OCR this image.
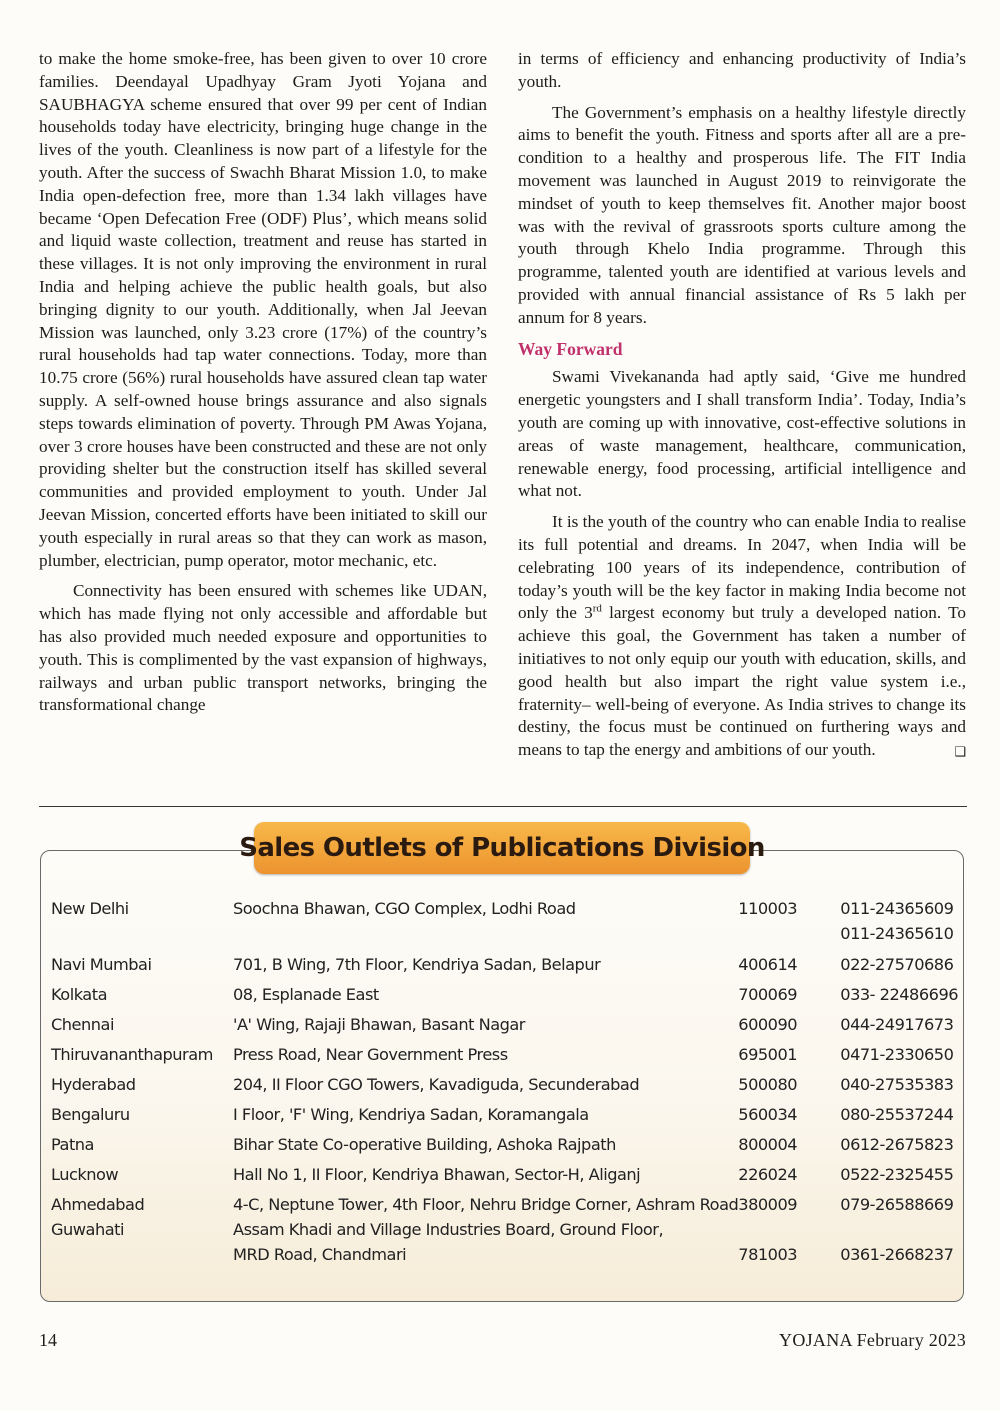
to make the home smoke-free, has been given to over 10 crore families. Deendayal Upadhyay Gram Jyoti Yojana and SAUBHAGYA scheme ensured that over 99 per cent of Indian households today have electricity, bringing huge change in the lives of the youth. Cleanliness is now part of a lifestyle for the youth. After the success of Swachh Bharat Mission 1.0, to make India open-defection free, more than 1.34 lakh villages have became ‘Open Defecation Free (ODF) Plus’, which means solid and liquid waste collection, treatment and reuse has started in these villages. It is not only improving the environment in rural India and helping achieve the public health goals, but also bringing dignity to our youth. Additionally, when Jal Jeevan Mission was launched, only 3.23 crore (17%) of the country’s rural households had tap water connections. Today, more than 10.75 crore (56%) rural households have assured clean tap water supply. A self-owned house brings assurance and also signals steps towards elimination of poverty. Through PM Awas Yojana, over 3 crore houses have been constructed and these are not only providing shelter but the construction itself has skilled several communities and provided employment to youth. Under Jal Jeevan Mission, concerted efforts have been initiated to skill our youth especially in rural areas so that they can work as mason, plumber, electrician, pump operator, motor mechanic, etc.

Connectivity has been ensured with schemes like UDAN, which has made flying not only accessible and affordable but has also provided much needed exposure and opportunities to youth. This is complimented by the vast expansion of highways, railways and urban public transport networks, bringing the transformational change

in terms of efficiency and enhancing productivity of India’s youth.

The Government’s emphasis on a healthy lifestyle directly aims to benefit the youth. Fitness and sports after all are a pre-condition to a healthy and prosperous life. The FIT India movement was launched in August 2019 to reinvigorate the mindset of youth to keep themselves fit. Another major boost was with the revival of grassroots sports culture among the youth through Khelo India programme. Through this programme, talented youth are identified at various levels and provided with annual financial assistance of Rs 5 lakh per annum for 8 years.

Way Forward

Swami Vivekananda had aptly said, ‘Give me hundred energetic youngsters and I shall transform India’. Today, India’s youth are coming up with innovative, cost-effective solutions in areas of waste management, healthcare, communication, renewable energy, food processing, artificial intelligence and what not.

It is the youth of the country who can enable India to realise its full potential and dreams. In 2047, when India will be celebrating 100 years of its independence, contribution of today’s youth will be the key factor in making India become not only the 3rd largest economy but truly a developed nation. To achieve this goal, the Government has taken a number of initiatives to not only equip our youth with education, skills, and good health but also impart the right value system i.e., fraternity– well-being of everyone. As India strives to change its destiny, the focus must be continued on furthering ways and means to tap the energy and ambitions of our youth.	❑

Sales Outlets of Publications Division
New Delhi	Soochna Bhawan, CGO Complex, Lodhi Road	110003	011-24365609
011-24365610

Navi Mumbai	701, B Wing, 7th Floor, Kendriya Sadan, Belapur	400614	022-27570686

Kolkata	08, Esplanade East	700069	033- 22486696

Chennai	'A' Wing, Rajaji Bhawan, Basant Nagar	600090	044-24917673

Thiruvananthapuram	Press Road, Near Government Press	695001	0471-2330650

Hyderabad	204, II Floor CGO Towers, Kavadiguda, Secunderabad	500080	040-27535383

Bengaluru	I Floor, 'F' Wing, Kendriya Sadan, Koramangala	560034	080-25537244

Patna	Bihar State Co-operative Building, Ashoka Rajpath	800004	0612-2675823

Lucknow	Hall No 1, II Floor, Kendriya Bhawan, Sector-H, Aliganj	226024	0522-2325455

Ahmedabad	4-C, Neptune Tower, 4th Floor, Nehru Bridge Corner, Ashram Road	380009	079-26588669

Guwahati	Assam Khadi and Village Industries Board, Ground Floor,
MRD Road, Chandmari	781003	0361-2668237
14	YOJANA February 2023
